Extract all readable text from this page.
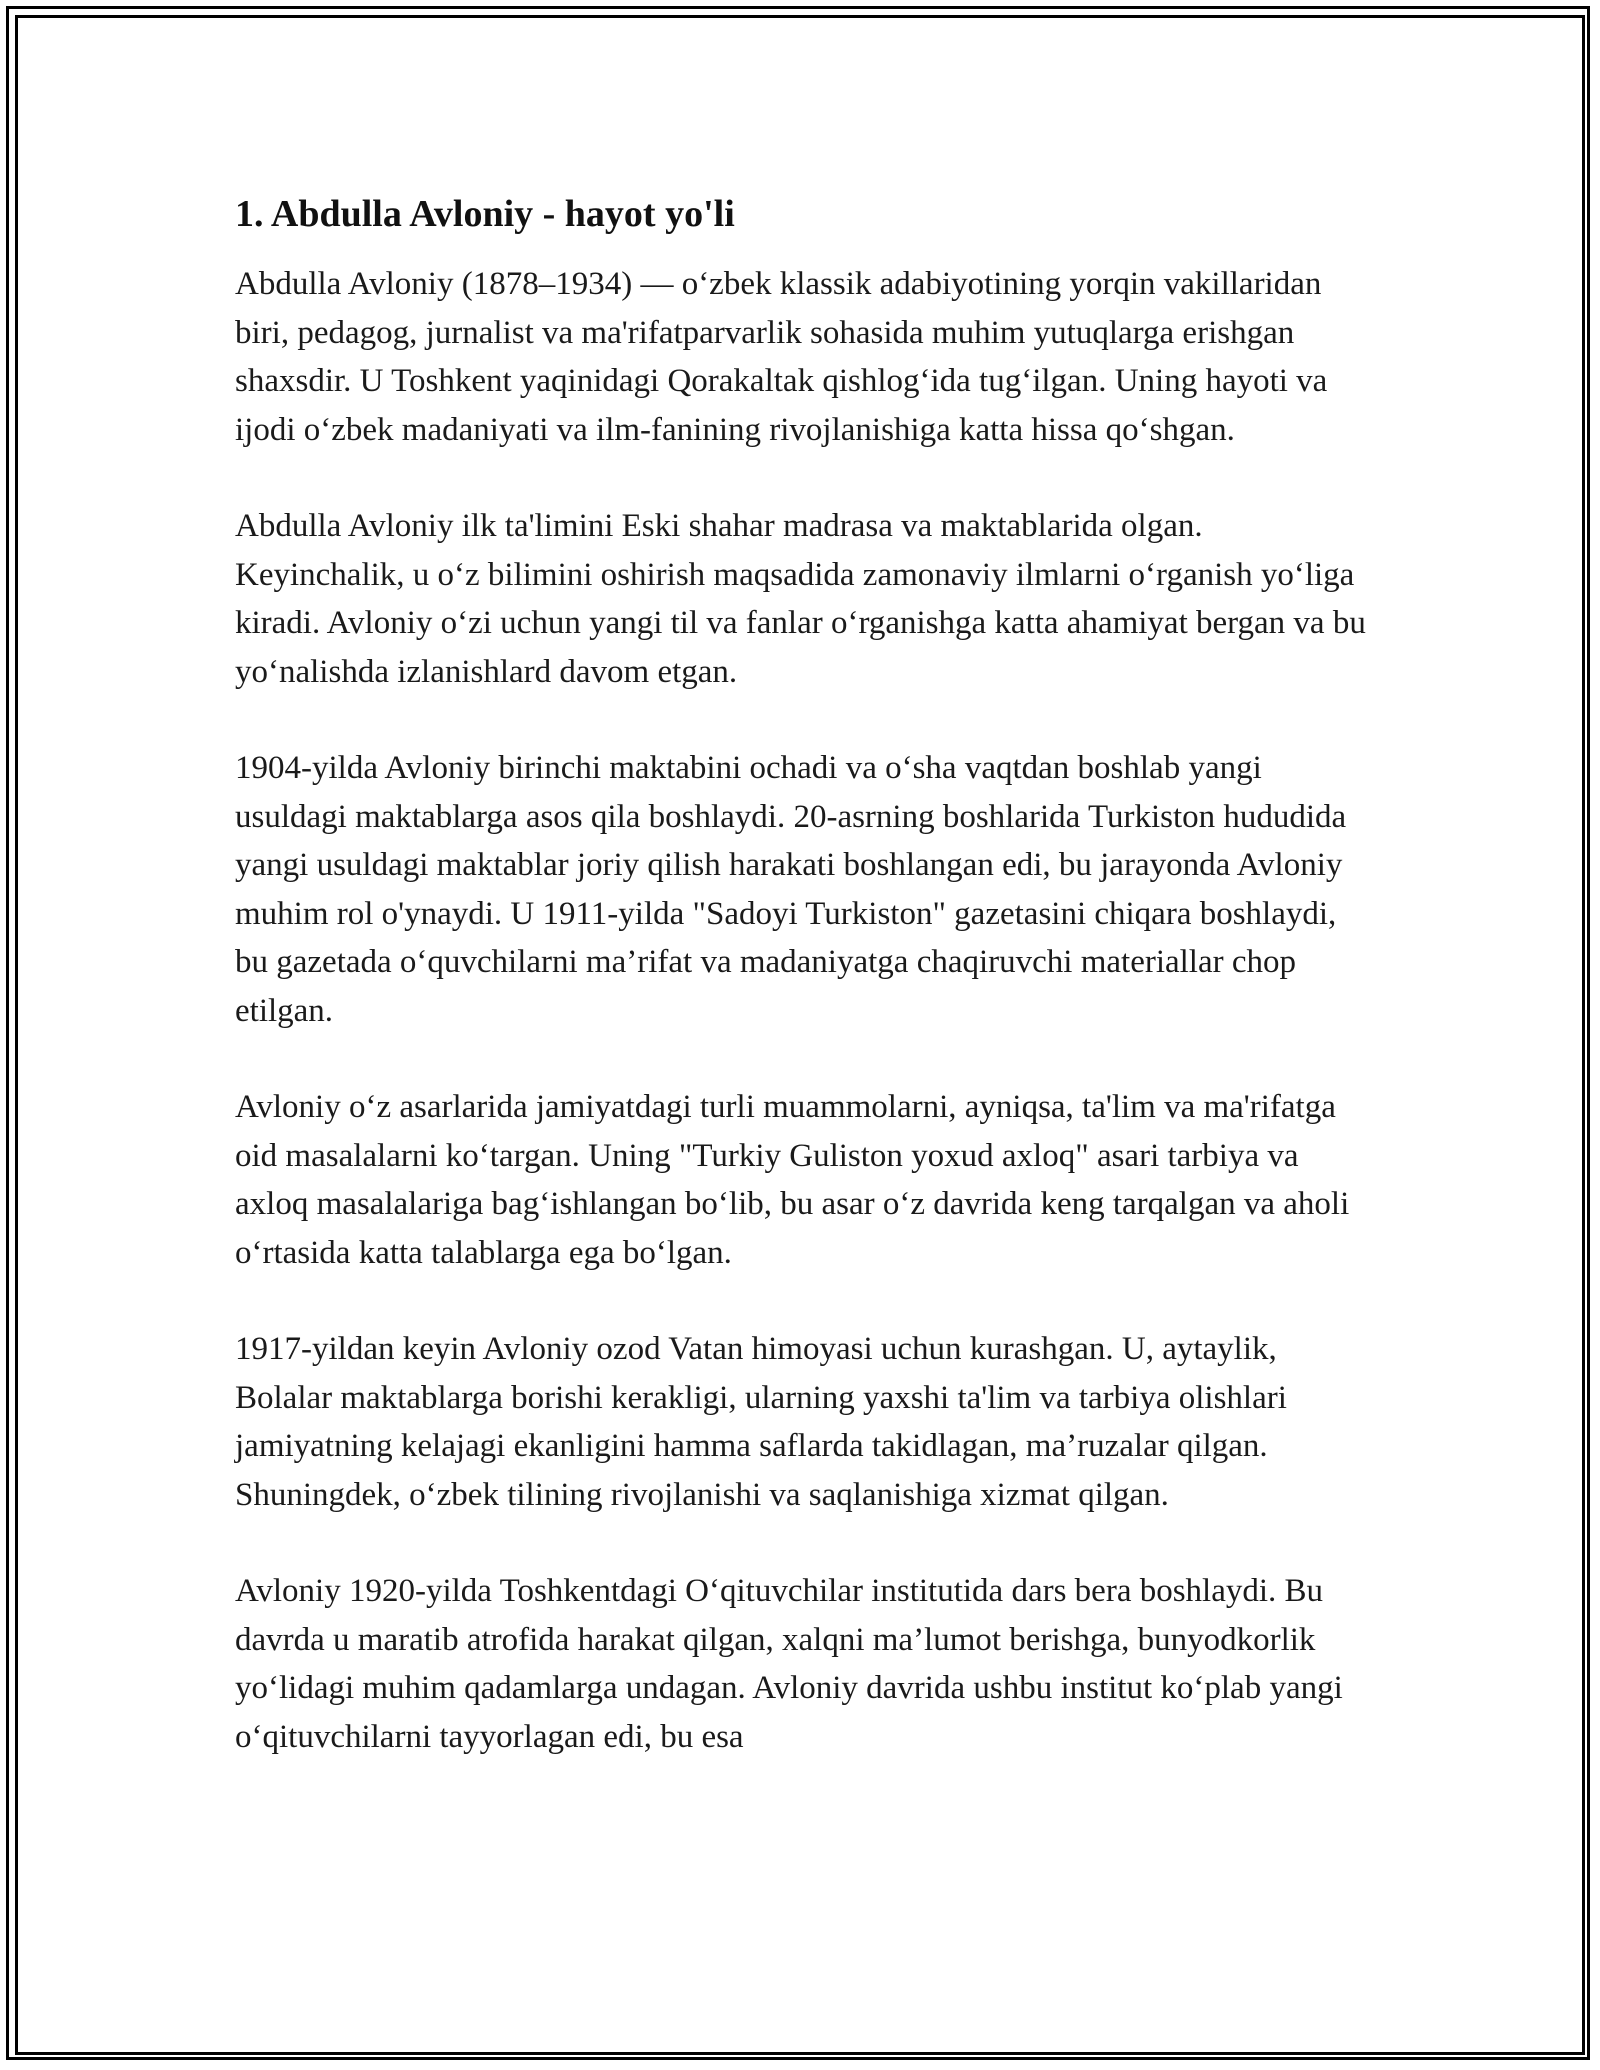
1. Abdulla Avloniy - hayot yo'li

Abdulla Avloniy (1878–1934) — o‘zbek klassik adabiyotining yorqin vakillaridan biri, pedagog, jurnalist va ma'rifatparvarlik sohasida muhim yutuqlarga erishgan shaxsdir. U Toshkent yaqinidagi Qorakaltak qishlog‘ida tug‘ilgan. Uning hayoti va ijodi o‘zbek madaniyati va ilm-fanining rivojlanishiga katta hissa qo‘shgan.

Abdulla Avloniy ilk ta'limini Eski shahar madrasa va maktablarida olgan. Keyinchalik, u o‘z bilimini oshirish maqsadida zamonaviy ilmlarni o‘rganish yo‘liga kiradi. Avloniy o‘zi uchun yangi til va fanlar o‘rganishga katta ahamiyat bergan va bu yo‘nalishda izlanishlard davom etgan.

1904-yilda Avloniy birinchi maktabini ochadi va o‘sha vaqtdan boshlab yangi usuldagi maktablarga asos qila boshlaydi. 20-asrning boshlarida Turkiston hududida yangi usuldagi maktablar joriy qilish harakati boshlangan edi, bu jarayonda Avloniy muhim rol o'ynaydi. U 1911-yilda "Sadoyi Turkiston" gazetasini chiqara boshlaydi, bu gazetada o‘quvchilarni ma’rifat va madaniyatga chaqiruvchi materiallar chop etilgan.

Avloniy o‘z asarlarida jamiyatdagi turli muammolarni, ayniqsa, ta'lim va ma'rifatga oid masalalarni ko‘targan. Uning "Turkiy Guliston yoxud axloq" asari tarbiya va axloq masalalariga bag‘ishlangan bo‘lib, bu asar o‘z davrida keng tarqalgan va aholi o‘rtasida katta talablarga ega bo‘lgan.

1917-yildan keyin Avloniy ozod Vatan himoyasi uchun kurashgan. U, aytaylik, Bolalar maktablarga borishi kerakligi, ularning yaxshi ta'lim va tarbiya olishlari jamiyatning kelajagi ekanligini hamma saflarda takidlagan, ma’ruzalar qilgan. Shuningdek, o‘zbek tilining rivojlanishi va saqlanishiga xizmat qilgan.

Avloniy 1920-yilda Toshkentdagi O‘qituvchilar institutida dars bera boshlaydi. Bu davrda u maratib atrofida harakat qilgan, xalqni ma’lumot berishga, bunyodkorlik yo‘lidagi muhim qadamlarga undagan. Avloniy davrida ushbu institut ko‘plab yangi o‘qituvchilarni tayyorlagan edi, bu esa
